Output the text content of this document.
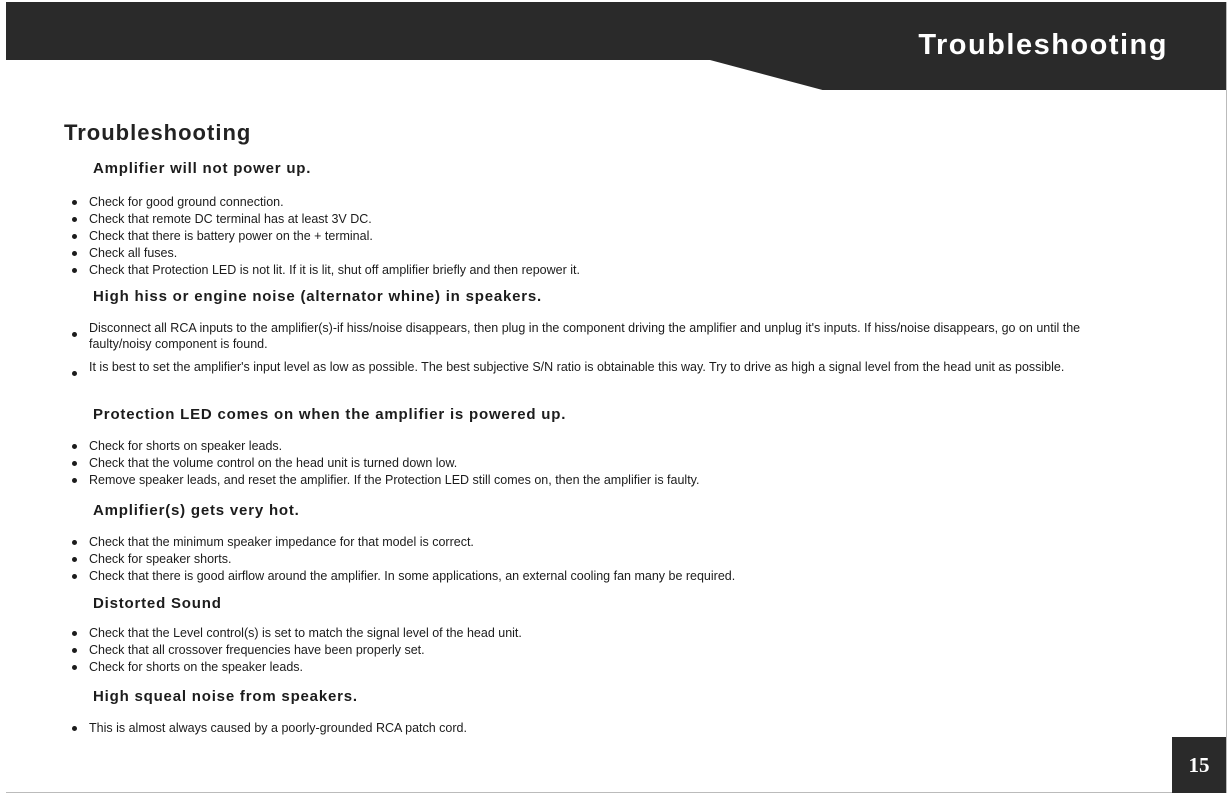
Troubleshooting
Troubleshooting
Amplifier will not power up.
Check for good ground connection.
Check that remote DC terminal has at least 3V DC.
Check that there is battery power on the + terminal.
Check all fuses.
Check that Protection LED is not lit. If it is lit, shut off amplifier briefly and then repower it.
High hiss or engine noise (alternator whine) in speakers.
Disconnect all RCA inputs to the amplifier(s)-if hiss/noise disappears, then plug in the component driving the amplifier and unplug it's inputs. If hiss/noise disappears, go on until the faulty/noisy component is found.
It is best to set the amplifier's input level as low as possible. The best subjective S/N ratio is obtainable this way. Try to drive as high a signal level from the head unit as possible.
Protection LED comes on when the amplifier is powered up.
Check for shorts on speaker leads.
Check that the volume control on the head unit is turned down low.
Remove speaker leads, and reset the amplifier. If the Protection LED still comes on, then the amplifier is faulty.
Amplifier(s) gets very hot.
Check that the minimum speaker impedance for that model is correct.
Check for speaker shorts.
Check that there is good airflow around the amplifier. In some applications, an external cooling fan many be required.
Distorted Sound
Check that the Level control(s) is set to match the signal level of the head unit.
Check that all crossover frequencies have been properly set.
Check for shorts on the speaker leads.
High squeal noise from speakers.
This is almost always caused by a poorly-grounded RCA patch cord.
15
